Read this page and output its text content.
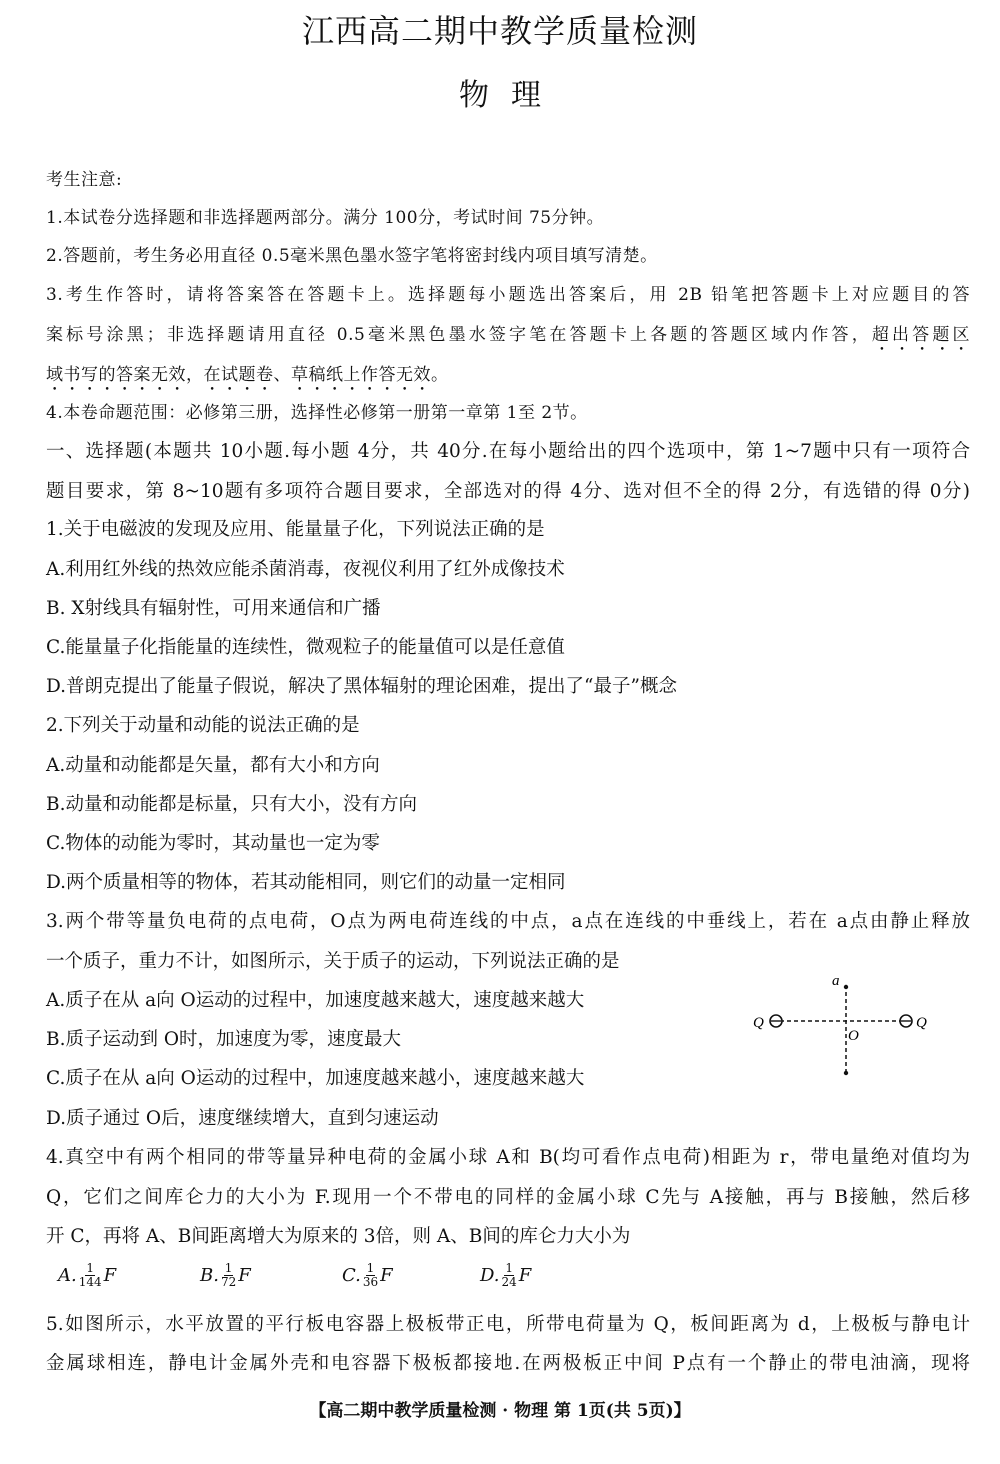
江西高二期中教学质量检测
物理
考生注意:
1.本试卷分选择题和非选择题两部分。满分 100分，考试时间 75分钟。
2.答题前，考生务必用直径 0.5毫米黑色墨水签字笔将密封线内项目填写清楚。
3.考生作答时，请将答案答在答题卡上。选择题每小题选出答案后，用 2B 铅笔把答题卡上对应题目的答
案标号涂黑；非选择题请用直径 0.5毫米黑色墨水签字笔在答题卡上各题的答题区域内作答，超出答题区
域书写的答案无效，在试题卷、草稿纸上作答无效。
4.本卷命题范围：必修第三册，选择性必修第一册第一章第 1至 2节。
一、选择题(本题共 10小题.每小题 4分，共 40分.在每小题给出的四个选项中，第 1~7题中只有一项符合
题目要求，第 8~10题有多项符合题目要求，全部选对的得 4分、选对但不全的得 2分，有选错的得 0分)
1.关于电磁波的发现及应用、能量量子化，下列说法正确的是
A.利用红外线的热效应能杀菌消毒，夜视仪利用了红外成像技术
B. X射线具有辐射性，可用来通信和广播
C.能量量子化指能量的连续性，微观粒子的能量值可以是任意值
D.普朗克提出了能量子假说，解决了黑体辐射的理论困难，提出了“最子”概念
2.下列关于动量和动能的说法正确的是
A.动量和动能都是矢量，都有大小和方向
B.动量和动能都是标量，只有大小，没有方向
C.物体的动能为零时，其动量也一定为零
D.两个质量相等的物体，若其动能相同，则它们的动量一定相同
3.两个带等量负电荷的点电荷，O点为两电荷连线的中点，a点在连线的中垂线上，若在 a点由静止释放
一个质子，重力不计，如图所示，关于质子的运动，下列说法正确的是
A.质子在从 a向 O运动的过程中，加速度越来越大，速度越来越大
B.质子运动到 O时，加速度为零，速度最大
C.质子在从 a向 O运动的过程中，加速度越来越小，速度越来越大
D.质子通过 O后，速度继续增大，直到匀速运动
a
O
Q	Q
4.真空中有两个相同的带等量异种电荷的金属小球 A和 B(均可看作点电荷)相距为 r，带电量绝对值均为
Q，它们之间库仑力的大小为 F.现用一个不带电的同样的金属小球 C先与 A接触，再与 B接触，然后移
开 C，再将 A、B间距离增大为原来的 3倍，则 A、B间的库仑力大小为
A. $\frac{1}{144}$ F	B. $\frac{1}{72}$ F	C. $\frac{1}{36}$ F	D. $\frac{1}{24}$ F
5.如图所示，水平放置的平行板电容器上极板带正电，所带电荷量为 Q，板间距离为 d，上极板与静电计
金属球相连，静电计金属外壳和电容器下极板都接地.在两极板正中间 P点有一个静止的带电油滴，现将
【高二期中教学质量检测 · 物理 第 1页(共 5页)】
